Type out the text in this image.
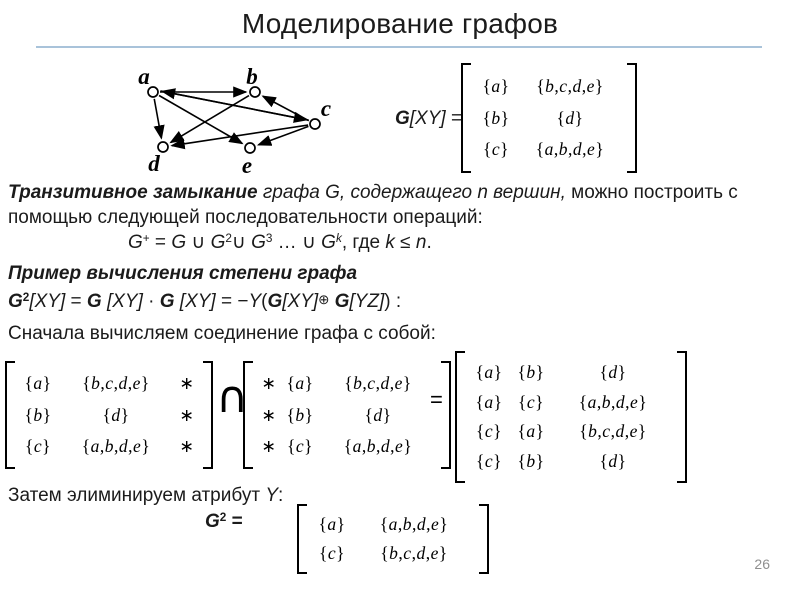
Моделирование графов
a	b
c
d	e
G[XY] =
{ a }	{ b , c , d , e }
{ b }	{ d }
{ c }	{ a , b , d , e }
Транзитивное замыкание графа G, содержащего n вершин, можно построить с
помощью следующей последовательности операций:
G+ = G ∪ $G^2\cup$ $G^3$ … ∪ $G^k$, где k ≤ n.
Пример вычисления степени графа
$G^2[XY] = G$ [XY] · G [XY] = −Y(G[XY]⊕ G[YZ]) :
Сначала вычисляем соединение графа с собой:
{ a }	{ b , c , d , e }	∗
{ b }	{ d }	∗
{ c }	{ a , b , d , e }	∗
∩ ∗ { a }	{ b , c , d , e }
∗ { b }	{ d }
∗ { c }	{ a , b , d , e }
=
{ a } { b }	{ d }
{ a } { c }	{ a , b , d , e }
{ c } { a }	{ b , c , d , e }
{ c } { b }	{ d }
Затем элиминируем атрибут Y:
$G^2$ =	{ a }	{ a , b , d , e }
{ c }	{ b , c , d , e }
26
